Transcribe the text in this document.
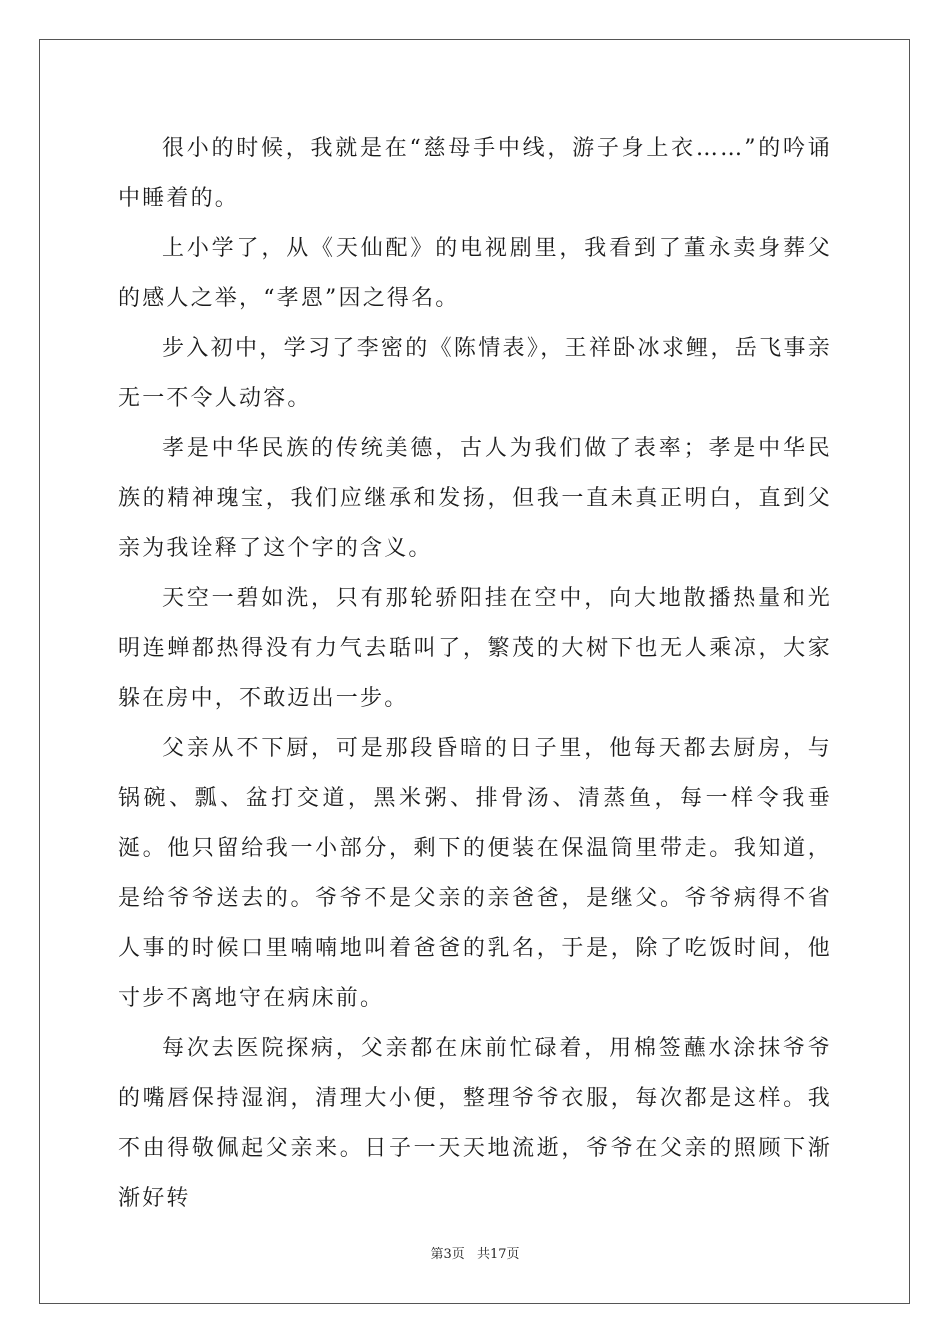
很小的时候，我就是在“慈母手中线，游子身上衣……”的吟诵中睡着的。

上小学了，从《天仙配》的电视剧里，我看到了董永卖身葬父的感人之举，“孝恩”因之得名。

步入初中，学习了李密的《陈情表》，王祥卧冰求鲤，岳飞事亲无一不令人动容。

孝是中华民族的传统美德，古人为我们做了表率；孝是中华民族的精神瑰宝，我们应继承和发扬，但我一直未真正明白，直到父亲为我诠释了这个字的含义。

天空一碧如洗，只有那轮骄阳挂在空中，向大地散播热量和光明连蝉都热得没有力气去聒叫了，繁茂的大树下也无人乘凉，大家躲在房中，不敢迈出一步。

父亲从不下厨，可是那段昏暗的日子里，他每天都去厨房，与锅碗、瓢、盆打交道，黑米粥、排骨汤、清蒸鱼，每一样令我垂涎。他只留给我一小部分，剩下的便装在保温筒里带走。我知道，是给爷爷送去的。爷爷不是父亲的亲爸爸，是继父。爷爷病得不省人事的时候口里喃喃地叫着爸爸的乳名，于是，除了吃饭时间，他寸步不离地守在病床前。

每次去医院探病，父亲都在床前忙碌着，用棉签蘸水涂抹爷爷的嘴唇保持湿润，清理大小便，整理爷爷衣服，每次都是这样。我不由得敬佩起父亲来。日子一天天地流逝，爷爷在父亲的照顾下渐渐好转

第3页 共17页
